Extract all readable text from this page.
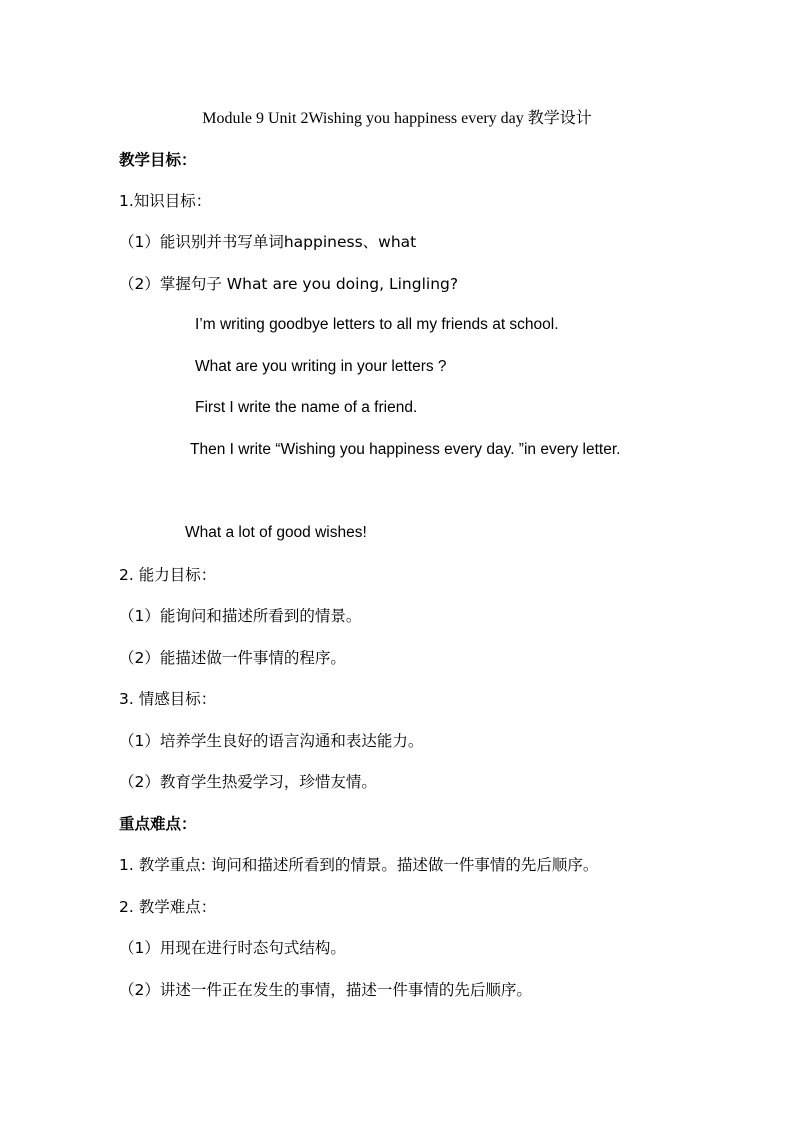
Module 9 Unit 2Wishing you happiness every day 教学设计
教学目标：
1.知识目标：
（1）能识别并书写单词happiness、what
（2）掌握句子 What are you doing, Lingling?
I’m writing goodbye letters to all my friends at school.
What are you writing in your letters ?
First I write the name of a friend.
Then I write “Wishing you happiness every day. ”in every letter.
What a lot of good wishes!
2. 能力目标：
（1）能询问和描述所看到的情景。
（2）能描述做一件事情的程序。
3. 情感目标：
（1）培养学生良好的语言沟通和表达能力。
（2）教育学生热爱学习，珍惜友情。
重点难点：
1. 教学重点: 询问和描述所看到的情景。描述做一件事情的先后顺序。
2. 教学难点：
（1）用现在进行时态句式结构。
（2）讲述一件正在发生的事情，描述一件事情的先后顺序。
